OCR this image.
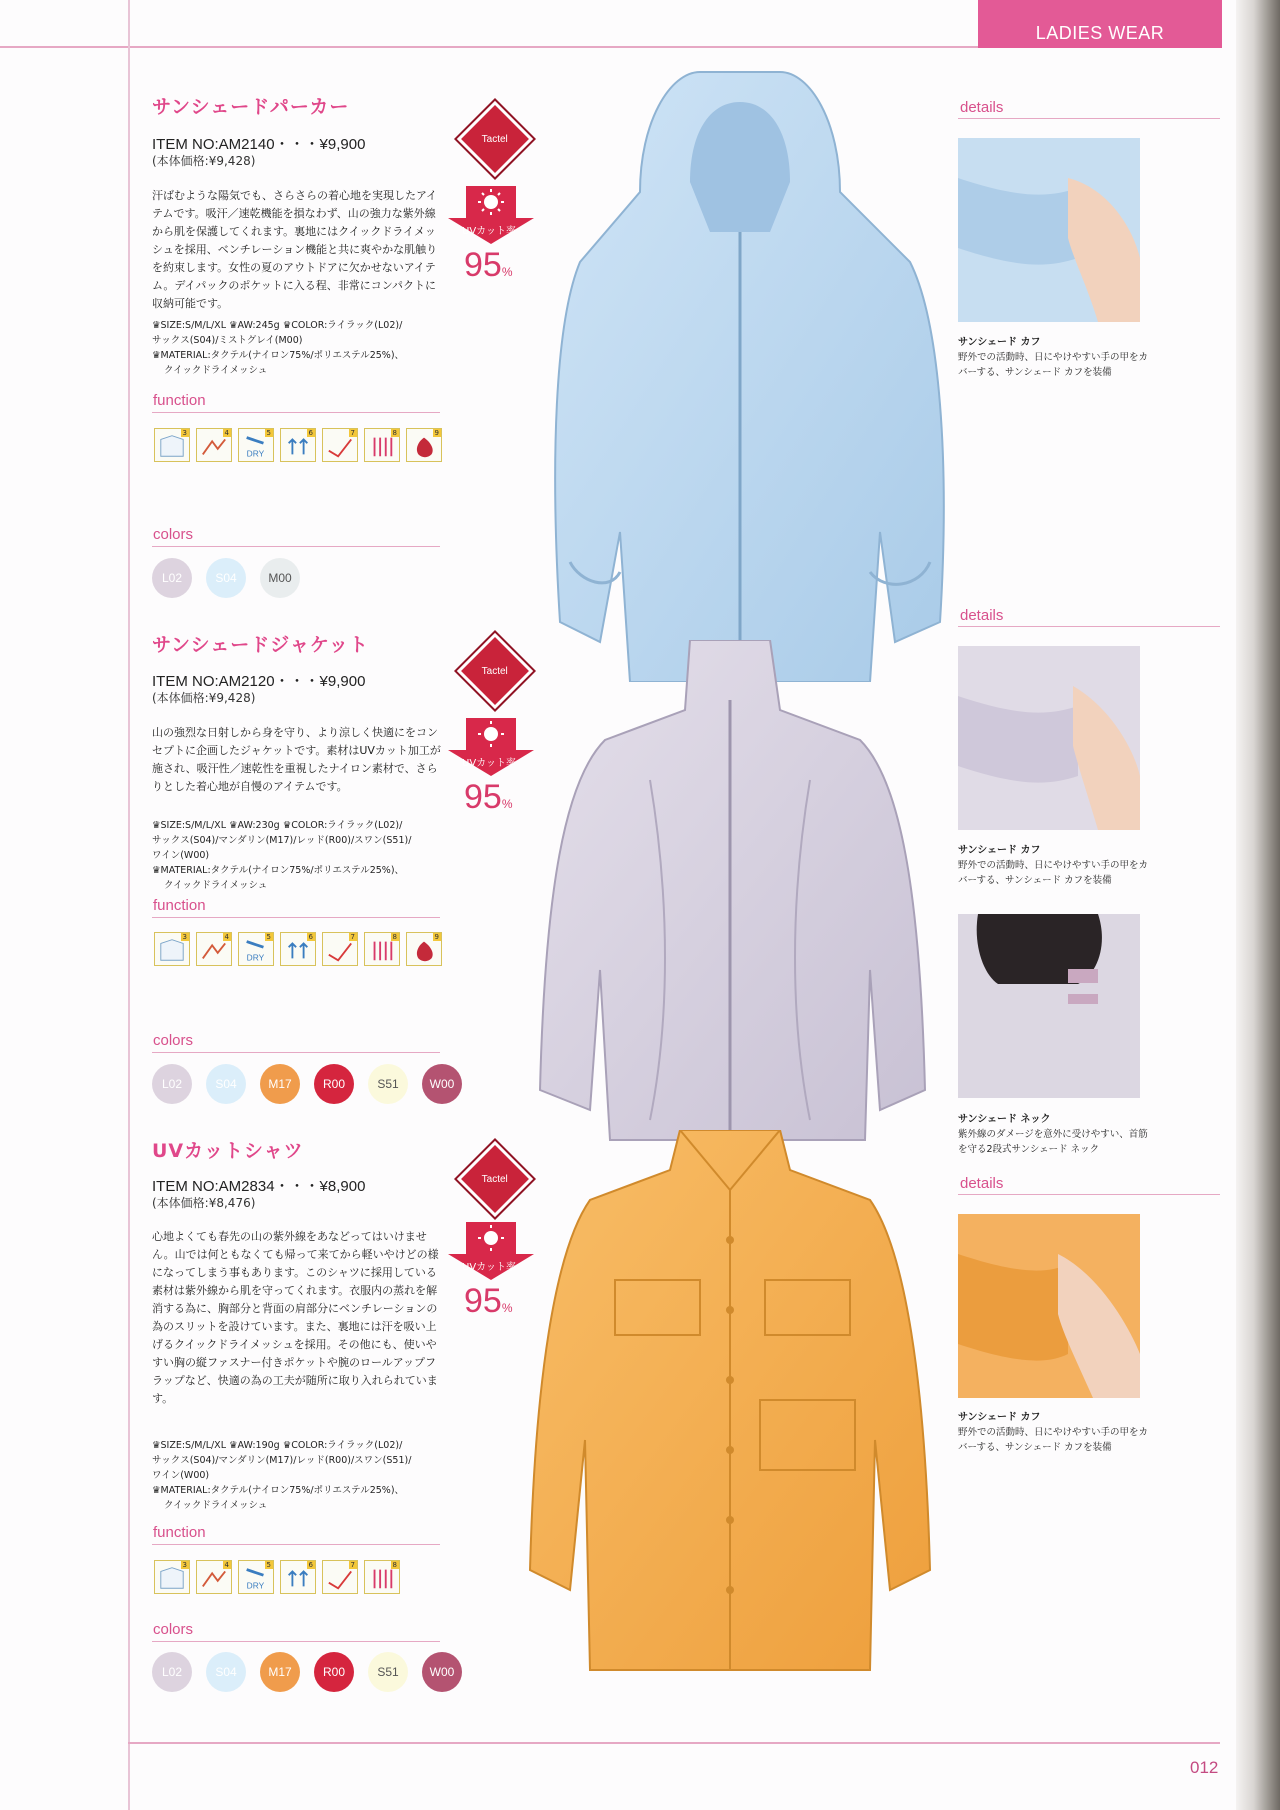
LADIES WEAR
012
サンシェードパーカー
ITEM NO:AM2140・・・¥9,900
(本体価格:¥9,428)
汗ばむような陽気でも、さらさらの着心地を実現したアイテムです。吸汗／速乾機能を損なわず、山の強力な紫外線から肌を保護してくれます。裏地にはクイックドライメッシュを採用、ベンチレーション機能と共に爽やかな肌触りを約束します。女性の夏のアウトドアに欠かせないアイテム。デイパックのポケットに入る程、非常にコンパクトに収納可能です。
♛SIZE:S/M/L/XL ♛AW:245g ♛COLOR:ライラック(L02)/
サックス(S04)/ミストグレイ(M00)
♛MATERIAL:タクテル(ナイロン75%/ポリエステル25%)、
クイックドライメッシュ
function
3	4
DRY
5	6	7	8	9
colors
L02	S04	M00
Tactel
UVカット率
95%
サンシェードジャケット
ITEM NO:AM2120・・・¥9,900
(本体価格:¥9,428)
山の強烈な日射しから身を守り、より涼しく快適にをコンセプトに企画したジャケットです。素材はUVカット加工が施され、吸汗性／速乾性を重視したナイロン素材で、さらりとした着心地が自慢のアイテムです。
♛SIZE:S/M/L/XL ♛AW:230g ♛COLOR:ライラック(L02)/
サックス(S04)/マンダリン(M17)/レッド(R00)/スワン(S51)/
ワイン(W00)
♛MATERIAL:タクテル(ナイロン75%/ポリエステル25%)、
クイックドライメッシュ
function
3	4
DRY
5	6	7	8	9
colors
L02	S04	M17	R00	S51	W00
Tactel
UVカット率
95%
UVカットシャツ
ITEM NO:AM2834・・・¥8,900
(本体価格:¥8,476)
心地よくても春先の山の紫外線をあなどってはいけません。山では何ともなくても帰って来てから軽いやけどの様になってしまう事もあります。このシャツに採用している素材は紫外線から肌を守ってくれます。衣服内の蒸れを解消する為に、胸部分と背面の肩部分にベンチレーションの為のスリットを設けています。また、裏地には汗を吸い上げるクイックドライメッシュを採用。その他にも、使いやすい胸の縦ファスナー付きポケットや腕のロールアップフラップなど、快適の為の工夫が随所に取り入れられています。
♛SIZE:S/M/L/XL ♛AW:190g ♛COLOR:ライラック(L02)/
サックス(S04)/マンダリン(M17)/レッド(R00)/スワン(S51)/
ワイン(W00)
♛MATERIAL:タクテル(ナイロン75%/ポリエステル25%)、
クイックドライメッシュ
function
3	4
DRY
5	6	7	8
colors
L02	S04	M17	R00	S51	W00
Tactel
UVカット率
95%
details
サンシェード カフ
野外での活動時、日にやけやすい手の甲をカバーする、サンシェード カフを装備
details
サンシェード カフ
野外での活動時、日にやけやすい手の甲をカバーする、サンシェード カフを装備
サンシェード ネック
紫外線のダメージを意外に受けやすい、首筋を守る2段式サンシェード ネック
details
サンシェード カフ
野外での活動時、日にやけやすい手の甲をカバーする、サンシェード カフを装備
